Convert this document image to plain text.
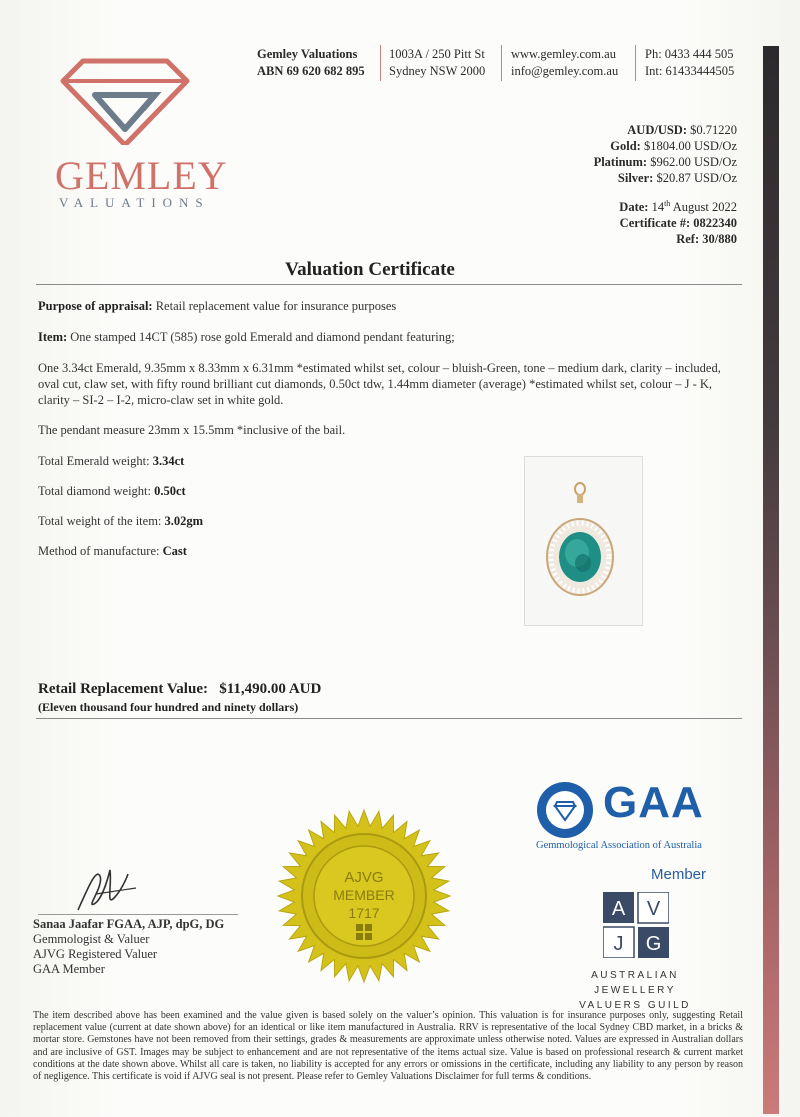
GEMLEY
VALUATIONS
Gemley Valuations
ABN 69 620 682 895
1003A / 250 Pitt St
Sydney NSW 2000
www.gemley.com.au
info@gemley.com.au
Ph: 0433 444 505
Int: 61433444505
AUD/USD: $0.71220
Gold: $1804.00 USD/Oz
Platinum: $962.00 USD/Oz
Silver: $20.87 USD/Oz
Date: 14th August 2022
Certificate #: 0822340
Ref: 30/880
Valuation Certificate
Purpose of appraisal: Retail replacement value for insurance purposes
Item: One stamped 14CT (585) rose gold Emerald and diamond pendant featuring;
One 3.34ct Emerald, 9.35mm x 8.33mm x 6.31mm *estimated whilst set, colour – bluish-Green, tone – medium dark, clarity – included, oval cut, claw set, with fifty round brilliant cut diamonds, 0.50ct tdw, 1.44mm diameter (average) *estimated whilst set, colour – J - K, clarity – SI-2 – I-2, micro-claw set in white gold.
The pendant measure 23mm x 15.5mm *inclusive of the bail.
Total Emerald weight: 3.34ct
Total diamond weight: 0.50ct
Total weight of the item: 3.02gm
Method of manufacture: Cast
Retail Replacement Value: $11,490.00 AUD
(Eleven thousand four hundred and ninety dollars)
GAA
Gemmological Association of Australia
Member
AJVG
MEMBER
1717	A V
J G
AUSTRALIAN JEWELLERY
VALUERS GUILD
Sanaa Jaafar FGAA, AJP, dpG, DG
Gemmologist & Valuer
AJVG Registered Valuer
GAA Member
The item described above has been examined and the value given is based solely on the valuer’s opinion. This valuation is for insurance purposes only, suggesting Retail replacement value (current at date shown above) for an identical or like item manufactured in Australia. RRV is representative of the local Sydney CBD market, in a bricks & mortar store. Gemstones have not been removed from their settings, grades & measurements are approximate unless otherwise noted. Values are expressed in Australian dollars and are inclusive of GST. Images may be subject to enhancement and are not representative of the items actual size. Value is based on professional research & current market conditions at the date shown above. Whilst all care is taken, no liability is accepted for any errors or omissions in the certificate, including any liability to any person by reason of negligence. This certificate is void if AJVG seal is not present. Please refer to Gemley Valuations Disclaimer for full terms & conditions.
